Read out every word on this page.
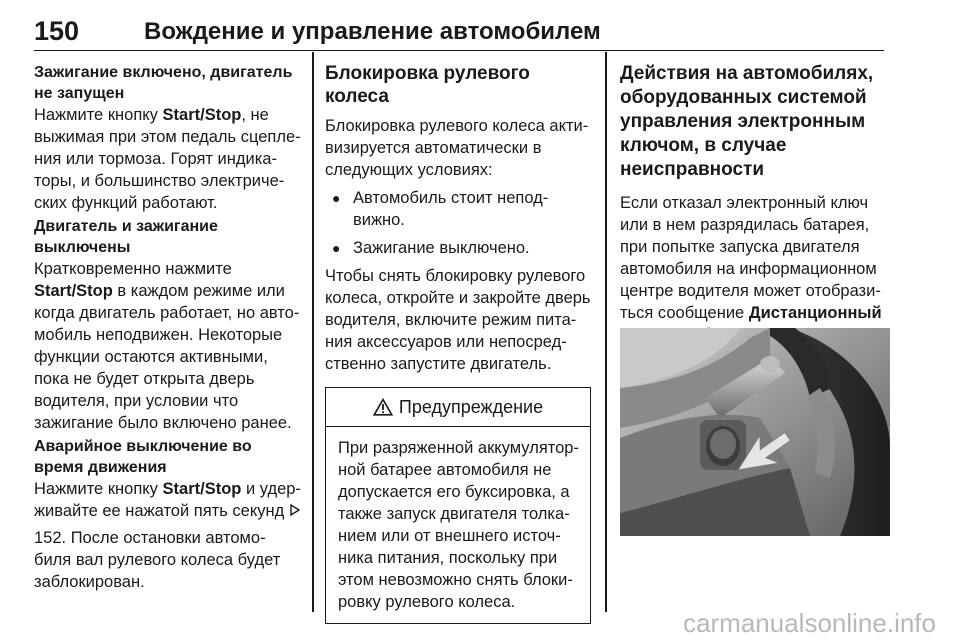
150	Вождение и управление автомобилем

Зажигание включено, двигатель не запущен

Нажмите кнопку Start/Stop, не выжимая при этом педаль сцепле-ния или тормоза. Горят индика-торы, и большинство электриче-ских функций работают.

Двигатель и зажигание выключены

Кратковременно нажмите Start/Stop в каждом режиме или когда двигатель работает, но авто-мобиль неподвижен. Некоторые функции остаются активными, пока не будет открыта дверь водителя, при условии что зажигание было включено ранее.

Аварийное выключение во время движения

Нажмите кнопку Start/Stop и удер-живайте ее нажатой пять секунд  152. После остановки автомо-биля вал рулевого колеса будет заблокирован.

Блокировка рулевого колеса

Блокировка рулевого колеса акти-визируется автоматически в следующих условиях:

● Автомобиль стоит непод-вижно.
● Зажигание выключено.

Чтобы снять блокировку рулевого колеса, откройте и закройте дверь водителя, включите режим пита-ния аксессуаров или непосред-ственно запустите двигатель.

Предупреждение
При разряженной аккумулятор-ной батарее автомобиля не допускается его буксировка, а также запуск двигателя толка-нием или от внешнего источ-ника питания, поскольку при этом невозможно снять блоки-ровку рулевого колеса.

Действия на автомобилях, оборудованных системой управления электронным ключом, в случае неисправности

Если отказал электронный ключ или в нем разрядилась батарея, при попытке запуска двигателя автомобиля на информационном центре водителя может отобрази-ться сообщение Дистанционный

carmanualsonline.info
